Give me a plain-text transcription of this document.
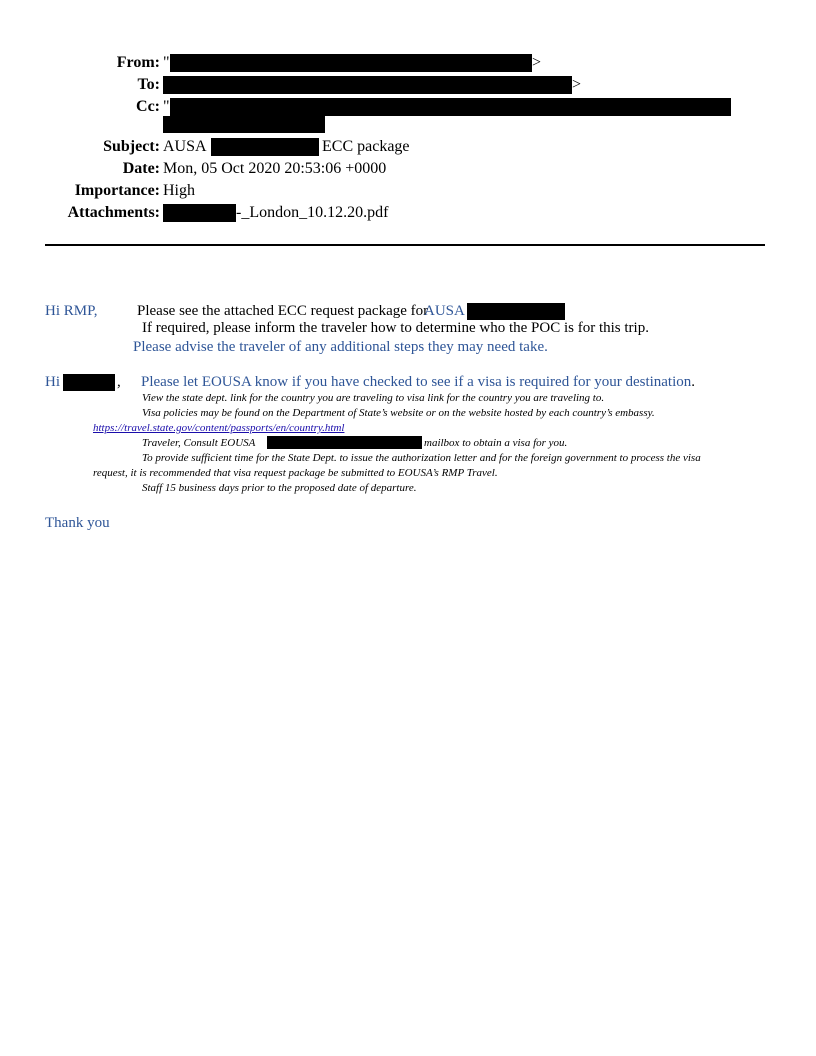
From: "	>
To:	>
Cc: "
Subject: AUSA	ECC package
Date: Mon, 05 Oct 2020 20:53:06 +0000
Importance: High
Attachments:	-_London_10.12.20.pdf
Hi RMP,	Please see the attached ECC request package for
AUSA
If required, please inform the traveler how to determine who the POC is for this trip.
Please advise the traveler of any additional steps they may need take.
Hi	, Please let EOUSA know if you have checked to see if a visa is required for your destination.
View the state dept. link for the country you are traveling to visa link for the country you are traveling to.
Visa policies may be found on the Department of State’s website or on the website hosted by each country’s embassy.
https://travel.state.gov/content/passports/en/country.html
Traveler, Consult EOUSA	mailbox to obtain a visa for you.
To provide sufficient time for the State Dept. to issue the authorization letter and for the foreign government to process the visa
request, it is recommended that visa request package be submitted to EOUSA’s RMP Travel.
Staff 15 business days prior to the proposed date of departure.
Thank you
